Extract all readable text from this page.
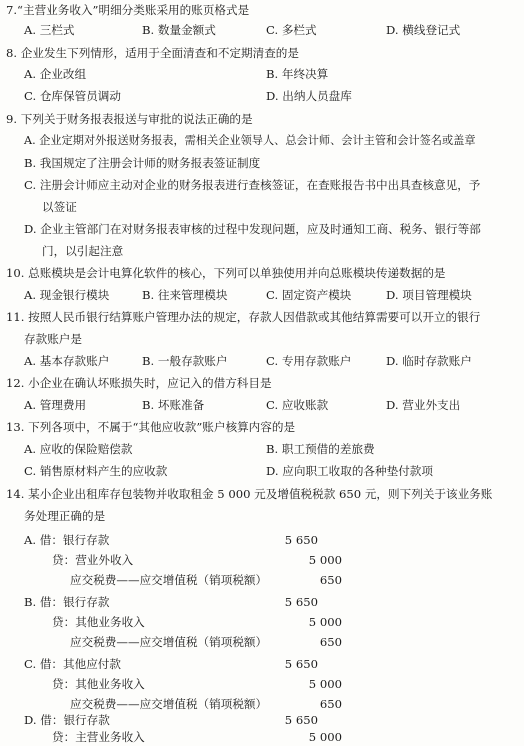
7.“主营业务收入”明细分类账采用的账页格式是
A. 三栏式	B. 数量金额式	C. 多栏式	D. 横线登记式
8. 企业发生下列情形，适用于全面清查和不定期清查的是
A. 企业改组	B. 年终决算
C. 仓库保管员调动	D. 出纳人员盘库
9. 下列关于财务报表报送与审批的说法正确的是
A. 企业定期对外报送财务报表，需相关企业领导人、总会计师、会计主管和会计签名或盖章
B. 我国规定了注册会计师的财务报表签证制度
C. 注册会计师应主动对企业的财务报表进行查核签证，在查账报告书中出具查核意见，予
以签证
D. 企业主管部门在对财务报表审核的过程中发现问题，应及时通知工商、税务、银行等部
门，以引起注意
10. 总账模块是会计电算化软件的核心，下列可以单独使用并向总账模块传递数据的是
A. 现金银行模块	B. 往来管理模块	C. 固定资产模块	D. 项目管理模块
11. 按照人民币银行结算账户管理办法的规定，存款人因借款或其他结算需要可以开立的银行
存款账户是
A. 基本存款账户	B. 一般存款账户	C. 专用存款账户	D. 临时存款账户
12. 小企业在确认坏账损失时，应记入的借方科目是
A. 管理费用	B. 坏账准备	C. 应收账款	D. 营业外支出
13. 下列各项中，不属于“其他应收款”账户核算内容的是
A. 应收的保险赔偿款	B. 职工预借的差旅费
C. 销售原材料产生的应收款	D. 应向职工收取的各种垫付款项
14. 某小企业出租库存包装物并收取租金 5 000 元及增值税税款 650 元，则下列关于该业务账
务处理正确的是
A. 借：银行存款	5 650
贷：营业外收入	5 000
应交税费——应交增值税（销项税额）	650
B. 借：银行存款	5 650
贷：其他业务收入	5 000
应交税费——应交增值税（销项税额）	650
C. 借：其他应付款	5 650
贷：其他业务收入	5 000
应交税费——应交增值税（销项税额）	650
D. 借：银行存款	5 650
贷：主营业务收入	5 000
